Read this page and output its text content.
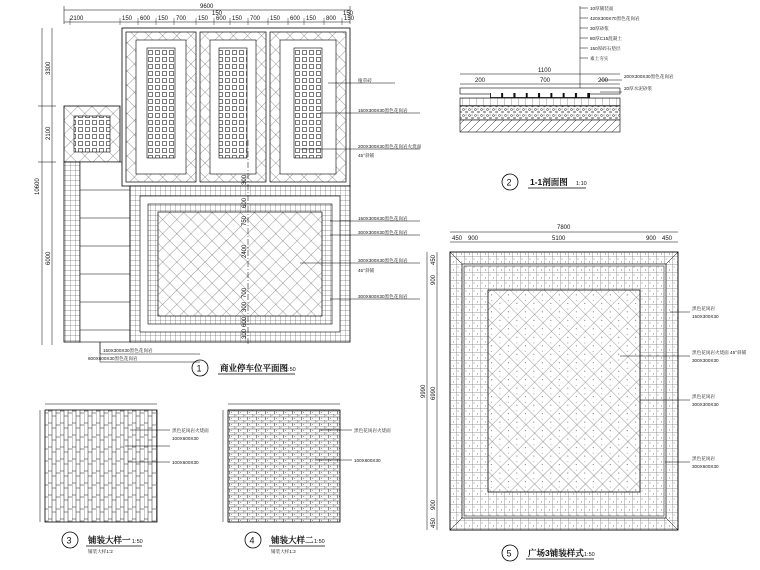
9600
150	150
2100	150 600 150 700 150 600 150 700 150 600 150 800 150
10600
3300
2100
6000
300
600
750
2400
700
300
600
300
植草砖
150X300X30黑色花岗岩
200X300X30黑色花岗岩火烧面
45°斜铺
150X300X30黑色花岗岩
300X300X30黑色花岗岩
300X300X30黑色花岗岩
45°斜铺
300X600X30黑色花岗岩
150X300X30黑色花岗岩
600X600X30黑色花岗岩
1 商业停车位平面图
1:50
10厚铺装面
420X300X70黑色花岗岩
30厚砂浆
80厚C15混凝土
150厚碎石垫层
素土夯实
1100
200	700	200
200X300X30黑色花岗岩
20厚水泥砂浆
2 1-1剖面图 1:10
黑色花岗岩火烧面
100X600X30
100X600X30
3 铺装大样一 1:50
铺装大样1:2
黑色花岗岩火烧面
100X600X30
4 铺装大样二 1:50
铺装大样1:2
7800
450 900	5100	900 450
9990
450
900
6990
900
450
黑色花岗岩
150X300X30
黑色花岗岩火烧面 45°斜铺
300X300X30
黑色花岗岩
300X300X30
黑色花岗岩
300X600X30
5 广场3铺装样式 1:50
